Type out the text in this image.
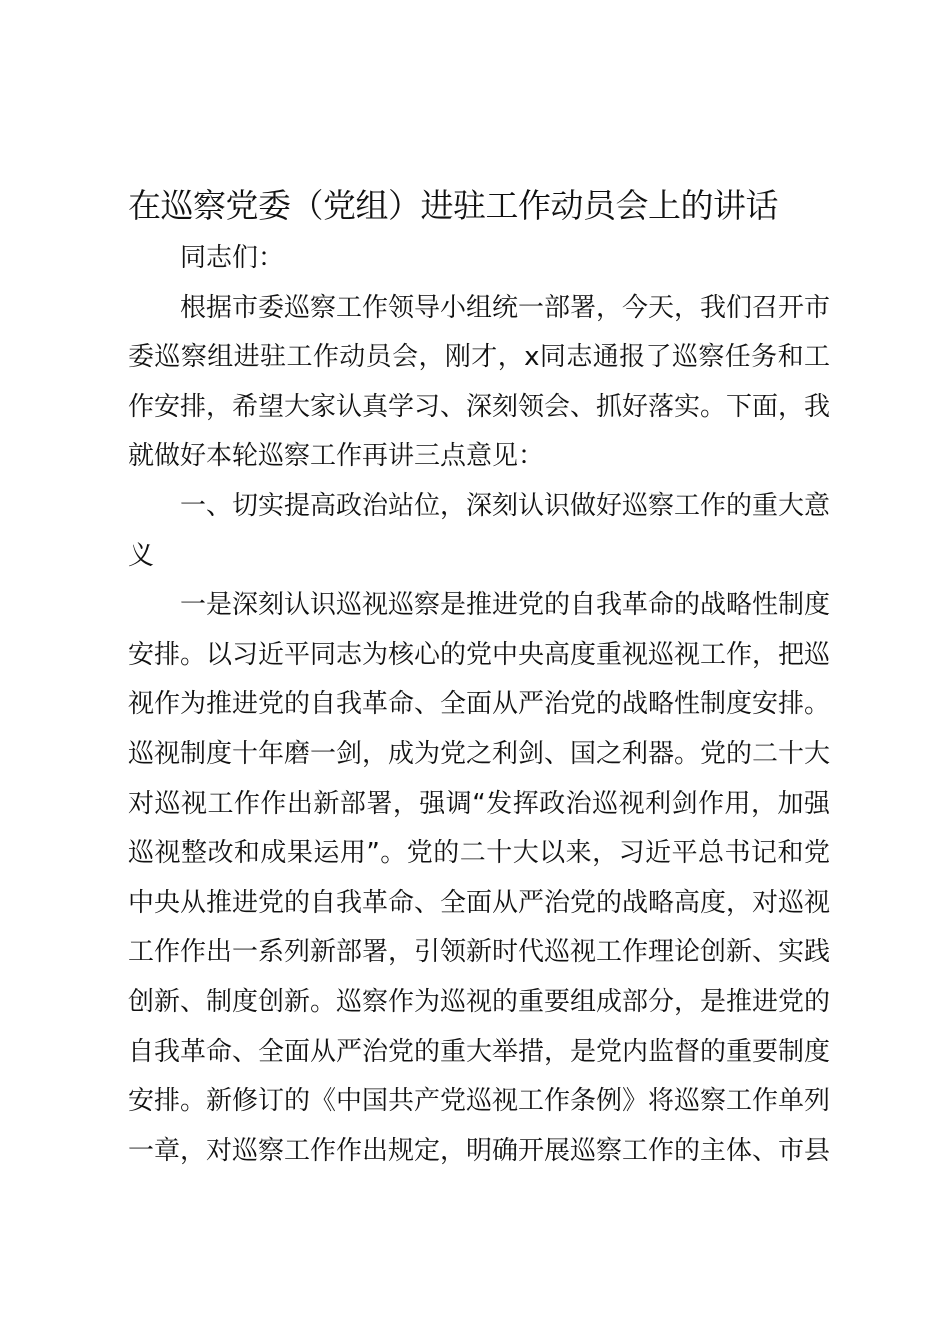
在巡察党委（党组）进驻工作动员会上的讲话

同志们：

根据市委巡察工作领导小组统一部署，今天，我们召开市委巡察组进驻工作动员会，刚才，x同志通报了巡察任务和工作安排，希望大家认真学习、深刻领会、抓好落实。下面，我就做好本轮巡察工作再讲三点意见：

一、切实提高政治站位，深刻认识做好巡察工作的重大意义

一是深刻认识巡视巡察是推进党的自我革命的战略性制度安排。以习近平同志为核心的党中央高度重视巡视工作，把巡视作为推进党的自我革命、全面从严治党的战略性制度安排。巡视制度十年磨一剑，成为党之利剑、国之利器。党的二十大对巡视工作作出新部署，强调“发挥政治巡视利剑作用，加强巡视整改和成果运用”。党的二十大以来，习近平总书记和党中央从推进党的自我革命、全面从严治党的战略高度，对巡视工作作出一系列新部署，引领新时代巡视工作理论创新、实践创新、制度创新。巡察作为巡视的重要组成部分，是推进党的自我革命、全面从严治党的重大举措，是党内监督的重要制度安排。新修订的《中国共产党巡视工作条例》将巡察工作单列一章，对巡察工作作出规定，明确开展巡察工作的主体、市县
